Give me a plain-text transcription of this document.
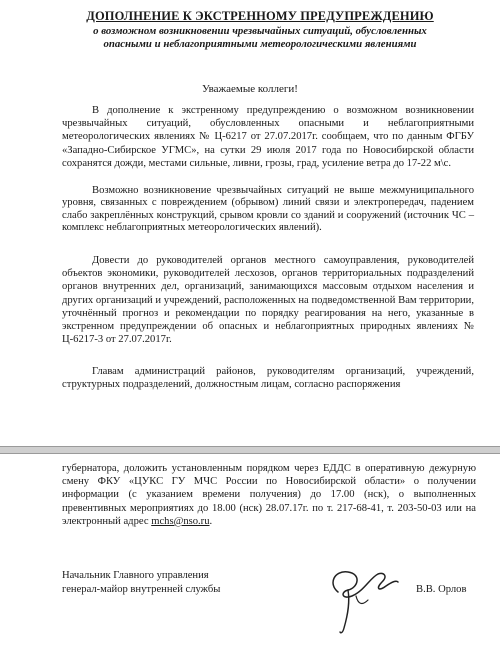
ДОПОЛНЕНИЕ К ЭКСТРЕННОМУ ПРЕДУПРЕЖДЕНИЮ
о возможном возникновении чрезвычайных ситуаций, обусловленных опасными и неблагоприятными метеорологическими явлениями
Уважаемые коллеги!

В дополнение к экстренному предупреждению о возможном возникновении чрезвычайных ситуаций, обусловленных опасными и неблагоприятными метеорологических явлениях № Ц-6217 от 27.07.2017г. сообщаем, что по данным ФГБУ «Западно-Сибирское УГМС», на сутки 29 июля 2017 года по Новосибирской области сохранятся дожди, местами сильные, ливни, грозы, град, усиление ветра до 17-22 м\с.

Возможно возникновение чрезвычайных ситуаций не выше межмуниципального уровня, связанных с повреждением (обрывом) линий связи и электропередач, падением слабо закреплённых конструкций, срывом кровли со зданий и сооружений (источник ЧС – комплекс неблагоприятных метеорологических явлений).

Довести до руководителей органов местного самоуправления, руководителей объектов экономики, руководителей лесхозов, органов территориальных подразделений органов внутренних дел, организаций, занимающихся массовым отдыхом населения и других организаций и учреждений, расположенных на подведомственной Вам территории, уточнённый прогноз и рекомендации по порядку реагирования на него, указанные в экстренном предупреждении об опасных и неблагоприятных природных явлениях № Ц-6217-3 от 27.07.2017г.

Главам администраций районов, руководителям организаций, учреждений, структурных подразделений, должностным лицам, согласно распоряжения

губернатора, доложить установленным порядком через ЕДДС в оперативную дежурную смену ФКУ «ЦУКС ГУ МЧС России по Новосибирской области» о получении информации (с указанием времени получения) до 17.00 (нск), о выполненных превентивных мероприятиях до 18.00 (нск) 28.07.17г. по т. 217-68-41, т. 203-50-03 или на электронный адрес mchs@nso.ru.

Начальник Главного управления
генерал-майор внутренней службы	В.В. Орлов
